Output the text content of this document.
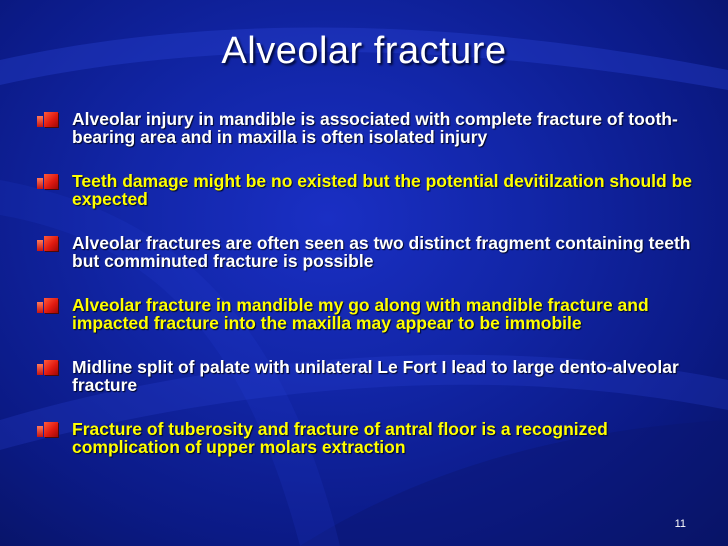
Alveolar fracture
Alveolar injury in mandible is associated with complete fracture of tooth-bearing area and in maxilla is often isolated injury
Teeth damage might be no existed but the potential devitilzation should be expected
Alveolar fractures are often seen as two distinct fragment containing teeth but comminuted fracture is possible
Alveolar fracture in mandible my go along with mandible fracture and impacted fracture into the maxilla may appear to be immobile
Midline split of palate with unilateral Le Fort I lead to large dento-alveolar fracture
Fracture of tuberosity and fracture of antral floor is a recognized complication of upper molars extraction
11
